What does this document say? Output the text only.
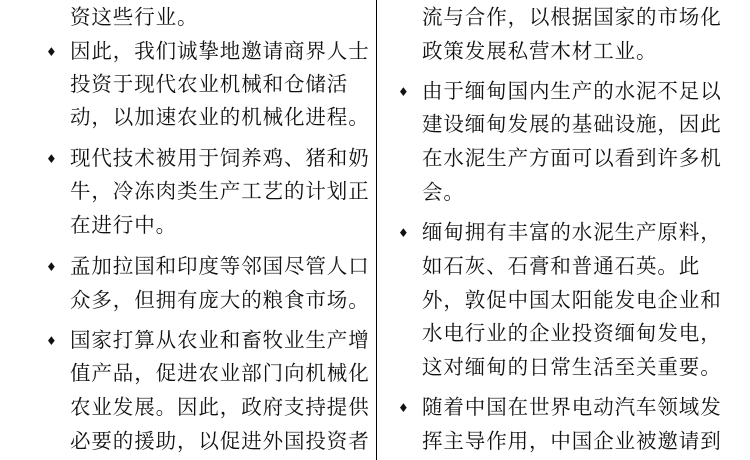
资这些行业。
♦ 因此，我们诚挚地邀请商界人士
投资于现代农业机械和仓储活
动，以加速农业的机械化进程。
♦ 现代技术被用于饲养鸡、猪和奶
牛，冷冻肉类生产工艺的计划正
在进行中。
♦ 孟加拉国和印度等邻国尽管人口
众多，但拥有庞大的粮食市场。
♦ 国家打算从农业和畜牧业生产增
值产品，促进农业部门向机械化
农业发展。因此，政府支持提供
必要的援助，以促进外国投资者
流与合作，以根据国家的市场化
政策发展私营木材工业。
♦ 由于缅甸国内生产的水泥不足以
建设缅甸发展的基础设施，因此
在水泥生产方面可以看到许多机
会。
♦ 缅甸拥有丰富的水泥生产原料，
如石灰、石膏和普通石英。此
外，敦促中国太阳能发电企业和
水电行业的企业投资缅甸发电，
这对缅甸的日常生活至关重要。
♦ 随着中国在世界电动汽车领域发
挥主导作用，中国企业被邀请到
